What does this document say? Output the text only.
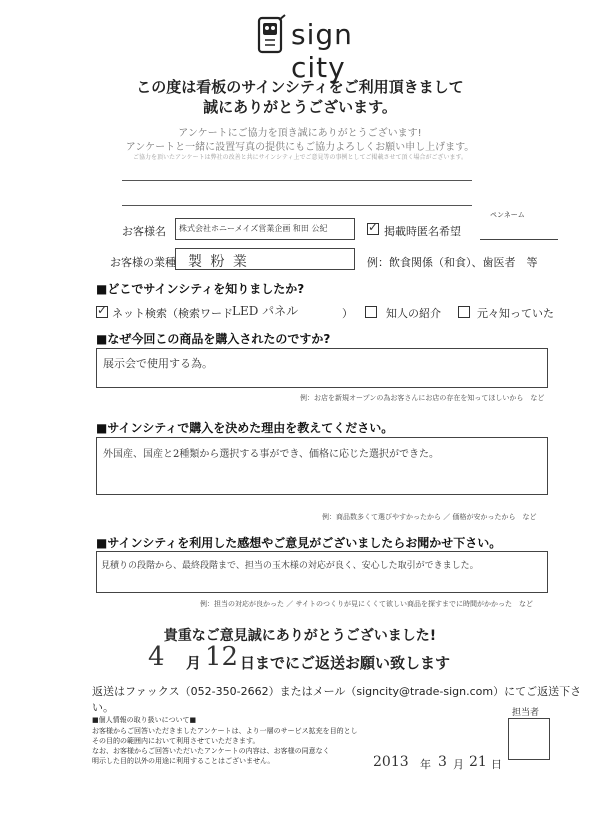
sign city
この度は看板のサインシティをご利用頂きまして
誠にありがとうございます。
アンケートにご協力を頂き誠にありがとうございます!
アンケートと一緒に設置写真の提供にもご協力よろしくお願い申し上げます。
ご協力を頂いたアンケートは弊社の改善と共にサインシティ上でご意見等の事例としてご掲載させて頂く場合がございます。
お客様名 株式会社ホニーメイズ営業企画 和田 公紀
✓	掲載時匿名希望
ペンネーム
お客様の業種 製 粉 業	例：飲食関係（和食）、歯医者　等
■どこでサインシティを知りましたか?
✓
ネット検索（検索ワード LED パネル	）	知人の紹介	元々知っていた
■なぜ今回この商品を購入されたのですか?
展示会で使用する為。
例：お店を新規オープンの為お客さんにお店の存在を知ってほしいから　など
■サインシティで購入を決めた理由を教えてください。
外国産、国産と2種類から選択する事ができ、価格に応じた選択ができた。
例：商品数多くて選びやすかったから ／ 価格が安かったから　など
■サインシティを利用した感想やご意見がございましたらお聞かせ下さい。
見積りの段階から、最終段階まで、担当の玉木様の対応が良く、安心した取引ができました。
例：担当の対応が良かった ／ サイトのつくりが見にくくて欲しい商品を探すまでに時間がかかった　など
貴重なご意見誠にありがとうございました!
4 月 12 日までにご返送お願い致します
返送はファックス（052-350-2662）またはメール（signcity@trade-sign.com）にてご返送下さい。
■個人情報の取り扱いについて■
お客様からご回答いただきましたアンケートは、より一層のサービス拡充を目的とし
その目的の範囲内において利用させていただきます。
なお、お客様からご回答いただいたアンケートの内容は、お客様の同意なく
明示した目的以外の用途に利用することはございません。
担当者
2013 年 3 月 21 日
